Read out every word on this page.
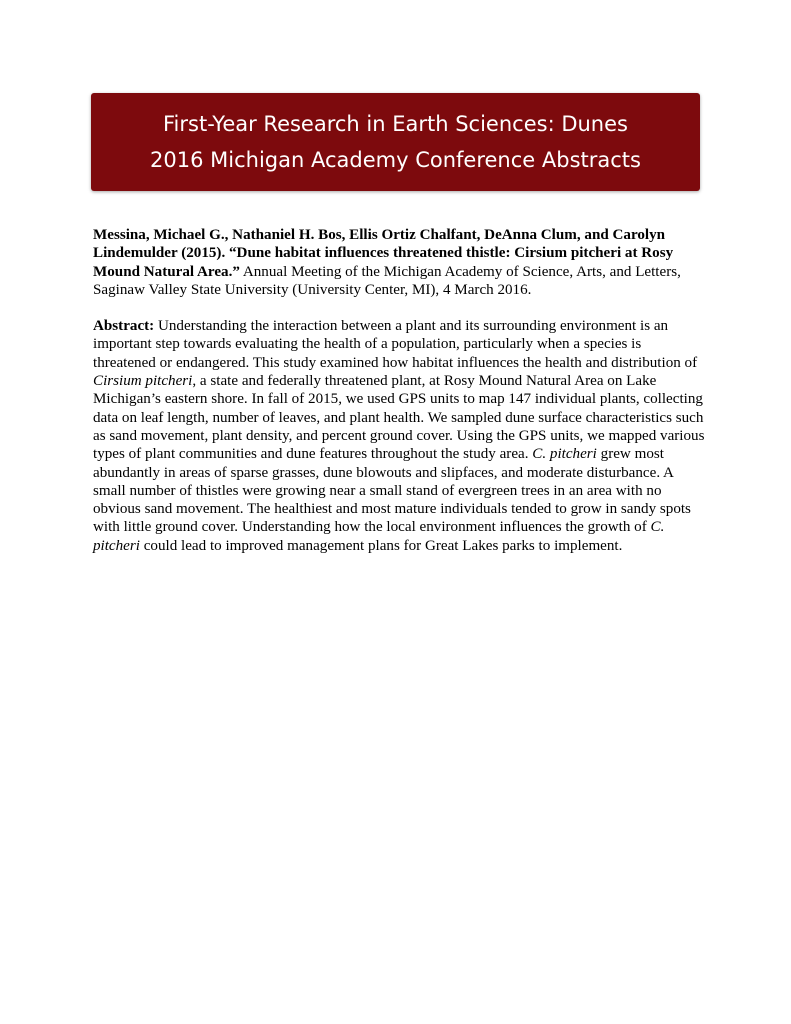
First-Year Research in Earth Sciences: Dunes
2016 Michigan Academy Conference Abstracts

Messina, Michael G., Nathaniel H. Bos, Ellis Ortiz Chalfant, DeAnna Clum, and Carolyn Lindemulder (2015). “Dune habitat influences threatened thistle: Cirsium pitcheri at Rosy Mound Natural Area.” Annual Meeting of the Michigan Academy of Science, Arts, and Letters, Saginaw Valley State University (University Center, MI), 4 March 2016.

Abstract: Understanding the interaction between a plant and its surrounding environment is an important step towards evaluating the health of a population, particularly when a species is threatened or endangered. This study examined how habitat influences the health and distribution of Cirsium pitcheri, a state and federally threatened plant, at Rosy Mound Natural Area on Lake Michigan’s eastern shore. In fall of 2015, we used GPS units to map 147 individual plants, collecting data on leaf length, number of leaves, and plant health. We sampled dune surface characteristics such as sand movement, plant density, and percent ground cover. Using the GPS units, we mapped various types of plant communities and dune features throughout the study area. C. pitcheri grew most abundantly in areas of sparse grasses, dune blowouts and slipfaces, and moderate disturbance. A small number of thistles were growing near a small stand of evergreen trees in an area with no obvious sand movement. The healthiest and most mature individuals tended to grow in sandy spots with little ground cover. Understanding how the local environment influences the growth of C. pitcheri could lead to improved management plans for Great Lakes parks to implement.
